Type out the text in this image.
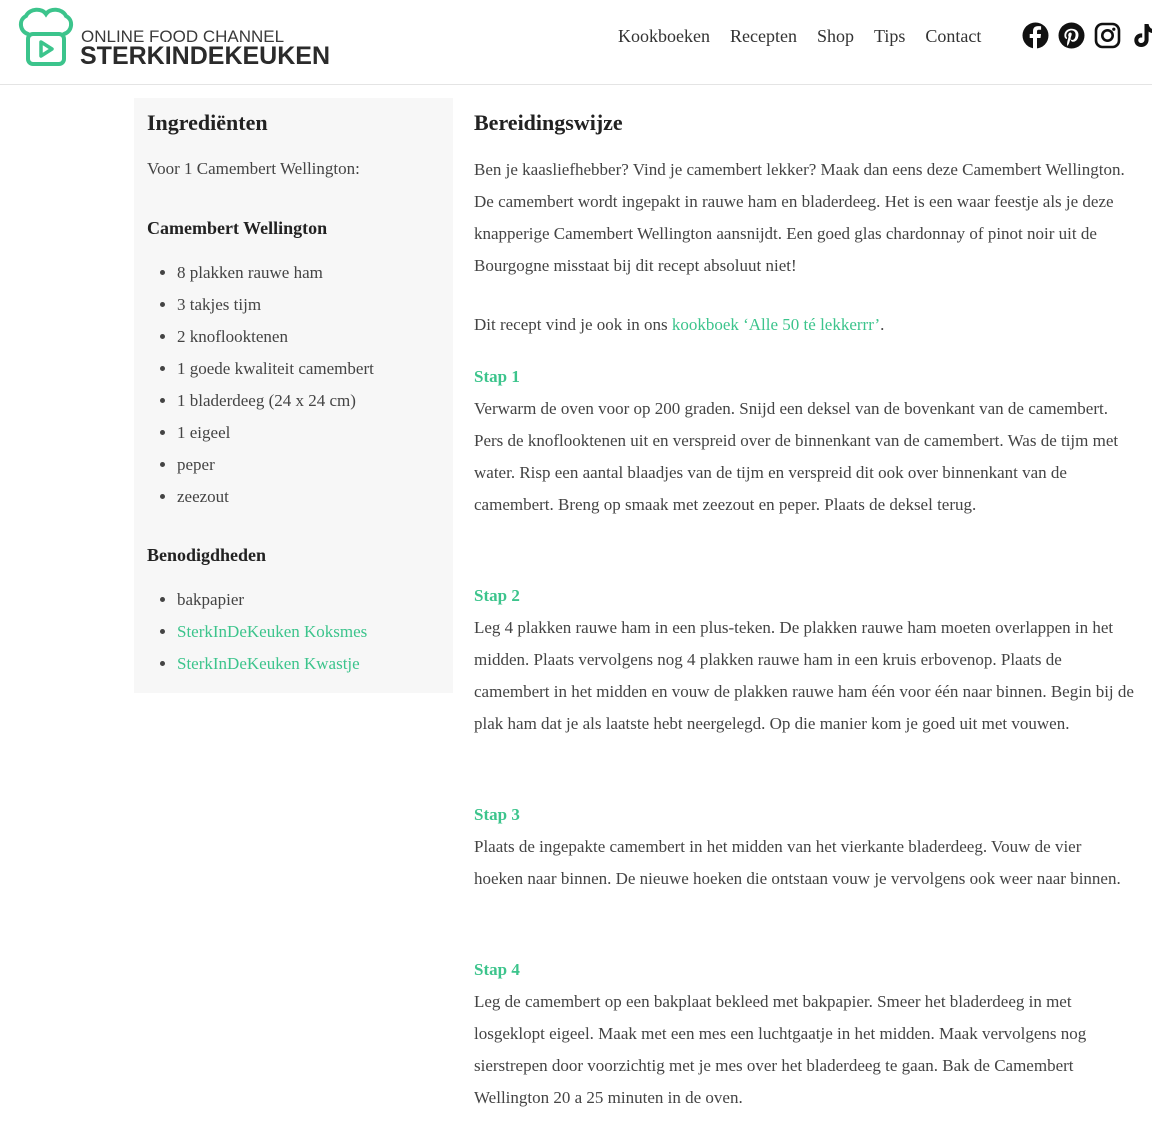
ONLINE FOOD CHANNEL
STERKINDEKEUKEN
Kookboeken Recepten Shop Tips Contact
Ingrediënten

Voor 1 Camembert Wellington:

Camembert Wellington
• 8 plakken rauwe ham
• 3 takjes tijm
• 2 knoflooktenen
• 1 goede kwaliteit camembert
• 1 bladerdeeg (24 x 24 cm)
• 1 eigeel
• peper
• zeezout
Benodigdheden
• bakpapier
• SterkInDeKeuken Koksmes
• SterkInDeKeuken Kwastje
Bereidingswijze

Ben je kaasliefhebber? Vind je camembert lekker? Maak dan eens deze Camembert Wellington. De camembert wordt ingepakt in rauwe ham en bladerdeeg. Het is een waar feestje als je deze knapperige Camembert Wellington aansnijdt. Een goed glas chardonnay of pinot noir uit de Bourgogne misstaat bij dit recept absoluut niet!

Dit recept vind je ook in ons kookboek ‘Alle 50 té lekkerrr’.

Stap 1

Verwarm de oven voor op 200 graden. Snijd een deksel van de bovenkant van de camembert. Pers de knoflooktenen uit en verspreid over de binnenkant van de camembert. Was de tijm met water. Risp een aantal blaadjes van de tijm en verspreid dit ook over binnenkant van de camembert. Breng op smaak met zeezout en peper. Plaats de deksel terug.

Stap 2

Leg 4 plakken rauwe ham in een plus-teken. De plakken rauwe ham moeten overlappen in het midden. Plaats vervolgens nog 4 plakken rauwe ham in een kruis erbovenop. Plaats de camembert in het midden en vouw de plakken rauwe ham één voor één naar binnen. Begin bij de plak ham dat je als laatste hebt neergelegd. Op die manier kom je goed uit met vouwen.

Stap 3

Plaats de ingepakte camembert in het midden van het vierkante bladerdeeg. Vouw de vier hoeken naar binnen. De nieuwe hoeken die ontstaan vouw je vervolgens ook weer naar binnen.

Stap 4

Leg de camembert op een bakplaat bekleed met bakpapier. Smeer het bladerdeeg in met losgeklopt eigeel. Maak met een mes een luchtgaatje in het midden. Maak vervolgens nog sierstrepen door voorzichtig met je mes over het bladerdeeg te gaan. Bak de Camembert Wellington 20 a 25 minuten in de oven.
